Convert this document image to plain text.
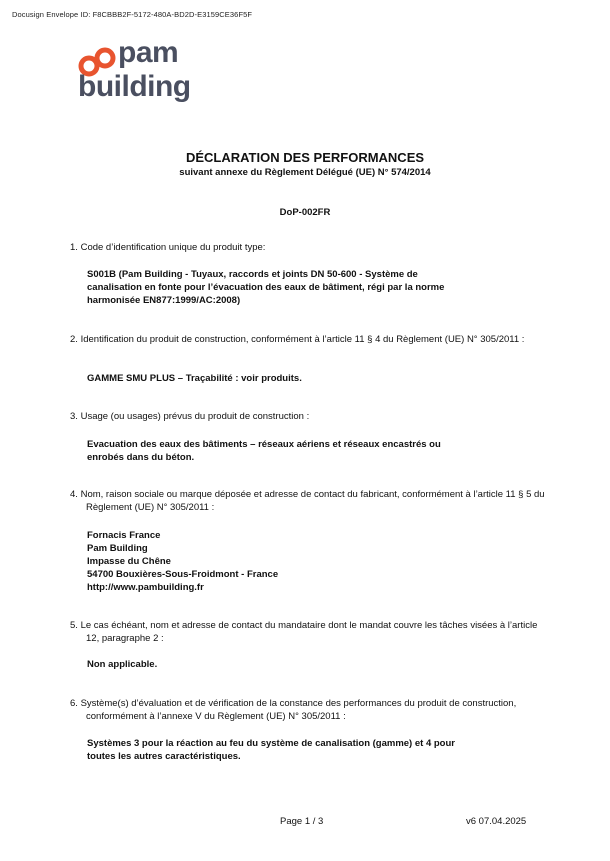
Docusign Envelope ID: F8CBBB2F-5172-480A-BD2D-E3159CE36F5F
pam
building
DÉCLARATION DES PERFORMANCES
suivant annexe du Règlement Délégué (UE) N° 574/2014
DoP-002FR
1. Code d’identification unique du produit type:
S001B (Pam Building - Tuyaux, raccords et joints DN 50-600 - Système de
canalisation en fonte pour l’évacuation des eaux de bâtiment, régi par la norme
harmonisée EN877:1999/AC:2008)
2. Identification du produit de construction, conformément à l’article 11 § 4 du Règlement (UE) N° 305/2011 :
GAMME SMU PLUS – Traçabilité : voir produits.
3. Usage (ou usages) prévus du produit de construction :
Evacuation des eaux des bâtiments – réseaux aériens et réseaux encastrés ou
enrobés dans du béton.
4. Nom, raison sociale ou marque déposée et adresse de contact du fabricant, conformément à l’article 11 § 5 du Règlement (UE) N° 305/2011 :
Fornacis France
Pam Building
Impasse du Chêne
54700 Bouxières-Sous-Froidmont - France
http://www.pambuilding.fr
5. Le cas échéant, nom et adresse de contact du mandataire dont le mandat couvre les tâches visées à l’article 12, paragraphe 2 :
Non applicable.
6. Système(s) d’évaluation et de vérification de la constance des performances du produit de construction, conformément à l’annexe V du Règlement (UE) N° 305/2011 :
Systèmes 3 pour la réaction au feu du système de canalisation (gamme) et 4 pour
toutes les autres caractéristiques.
Page 1 / 3	v6 07.04.2025
